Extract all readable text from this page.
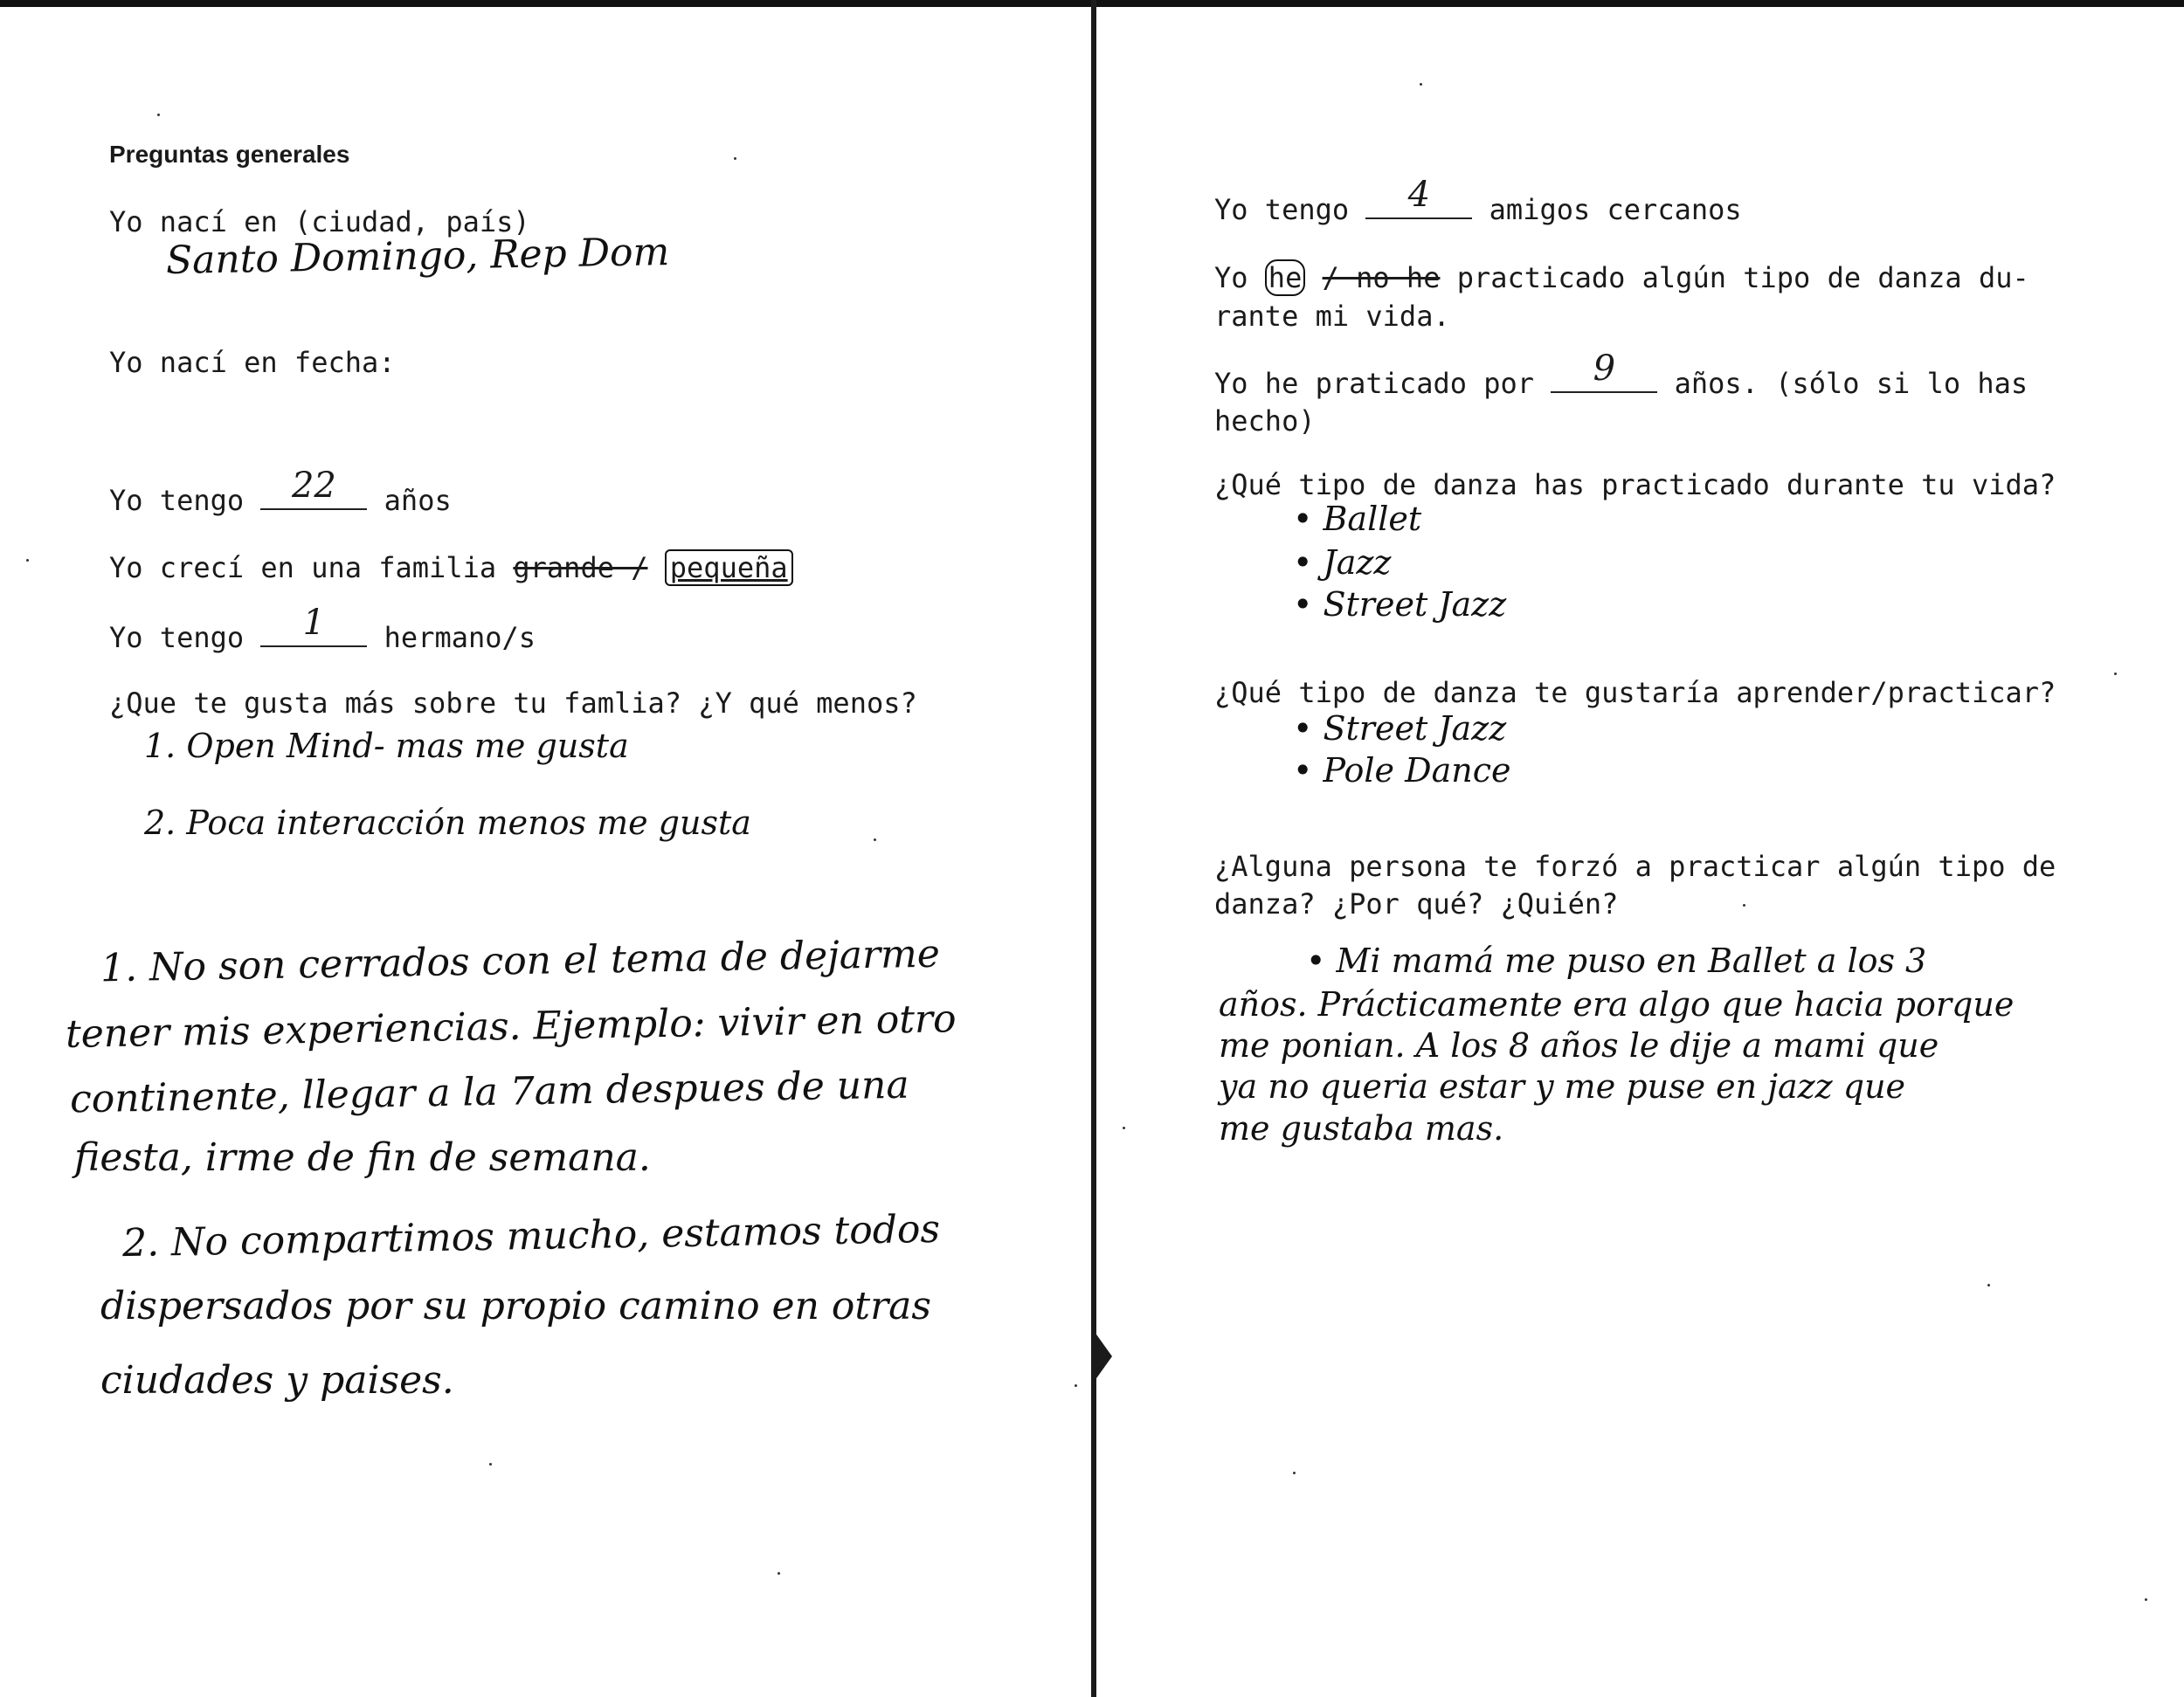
Preguntas generales
Yo nací en (ciudad, país)
Santo Domingo, Rep Dom
Yo nací en fecha:
Yo tengo	22	años
Yo crecí en una familia grande / pequeña
Yo tengo	1	hermano/s
¿Que te gusta más sobre tu famlia? ¿Y qué menos?
1. Open Mind- mas me gusta
2. Poca interacción menos me gusta
1. No son cerrados con el tema de dejarme
tener mis experiencias. Ejemplo: vivir en otro
continente, llegar a la 7am despues de una
fiesta, irme de fin de semana.
2. No compartimos mucho, estamos todos
dispersados por su propio camino en otras
ciudades y paises.
Yo tengo	4	amigos cercanos
Yo he / no he practicado algún tipo de danza du-
rante mi vida.
Yo he praticado por	9	años. (sólo si lo has
hecho)
¿Qué tipo de danza has practicado durante tu vida?
• Ballet
• Jazz
• Street Jazz
¿Qué tipo de danza te gustaría aprender/practicar?
• Street Jazz
• Pole Dance
¿Alguna persona te forzó a practicar algún tipo de
danza? ¿Por qué? ¿Quién?
• Mi mamá me puso en Ballet a los 3
años. Prácticamente era algo que hacia porque
me ponian. A los 8 años le dije a mami que
ya no queria estar y me puse en jazz que
me gustaba mas.
